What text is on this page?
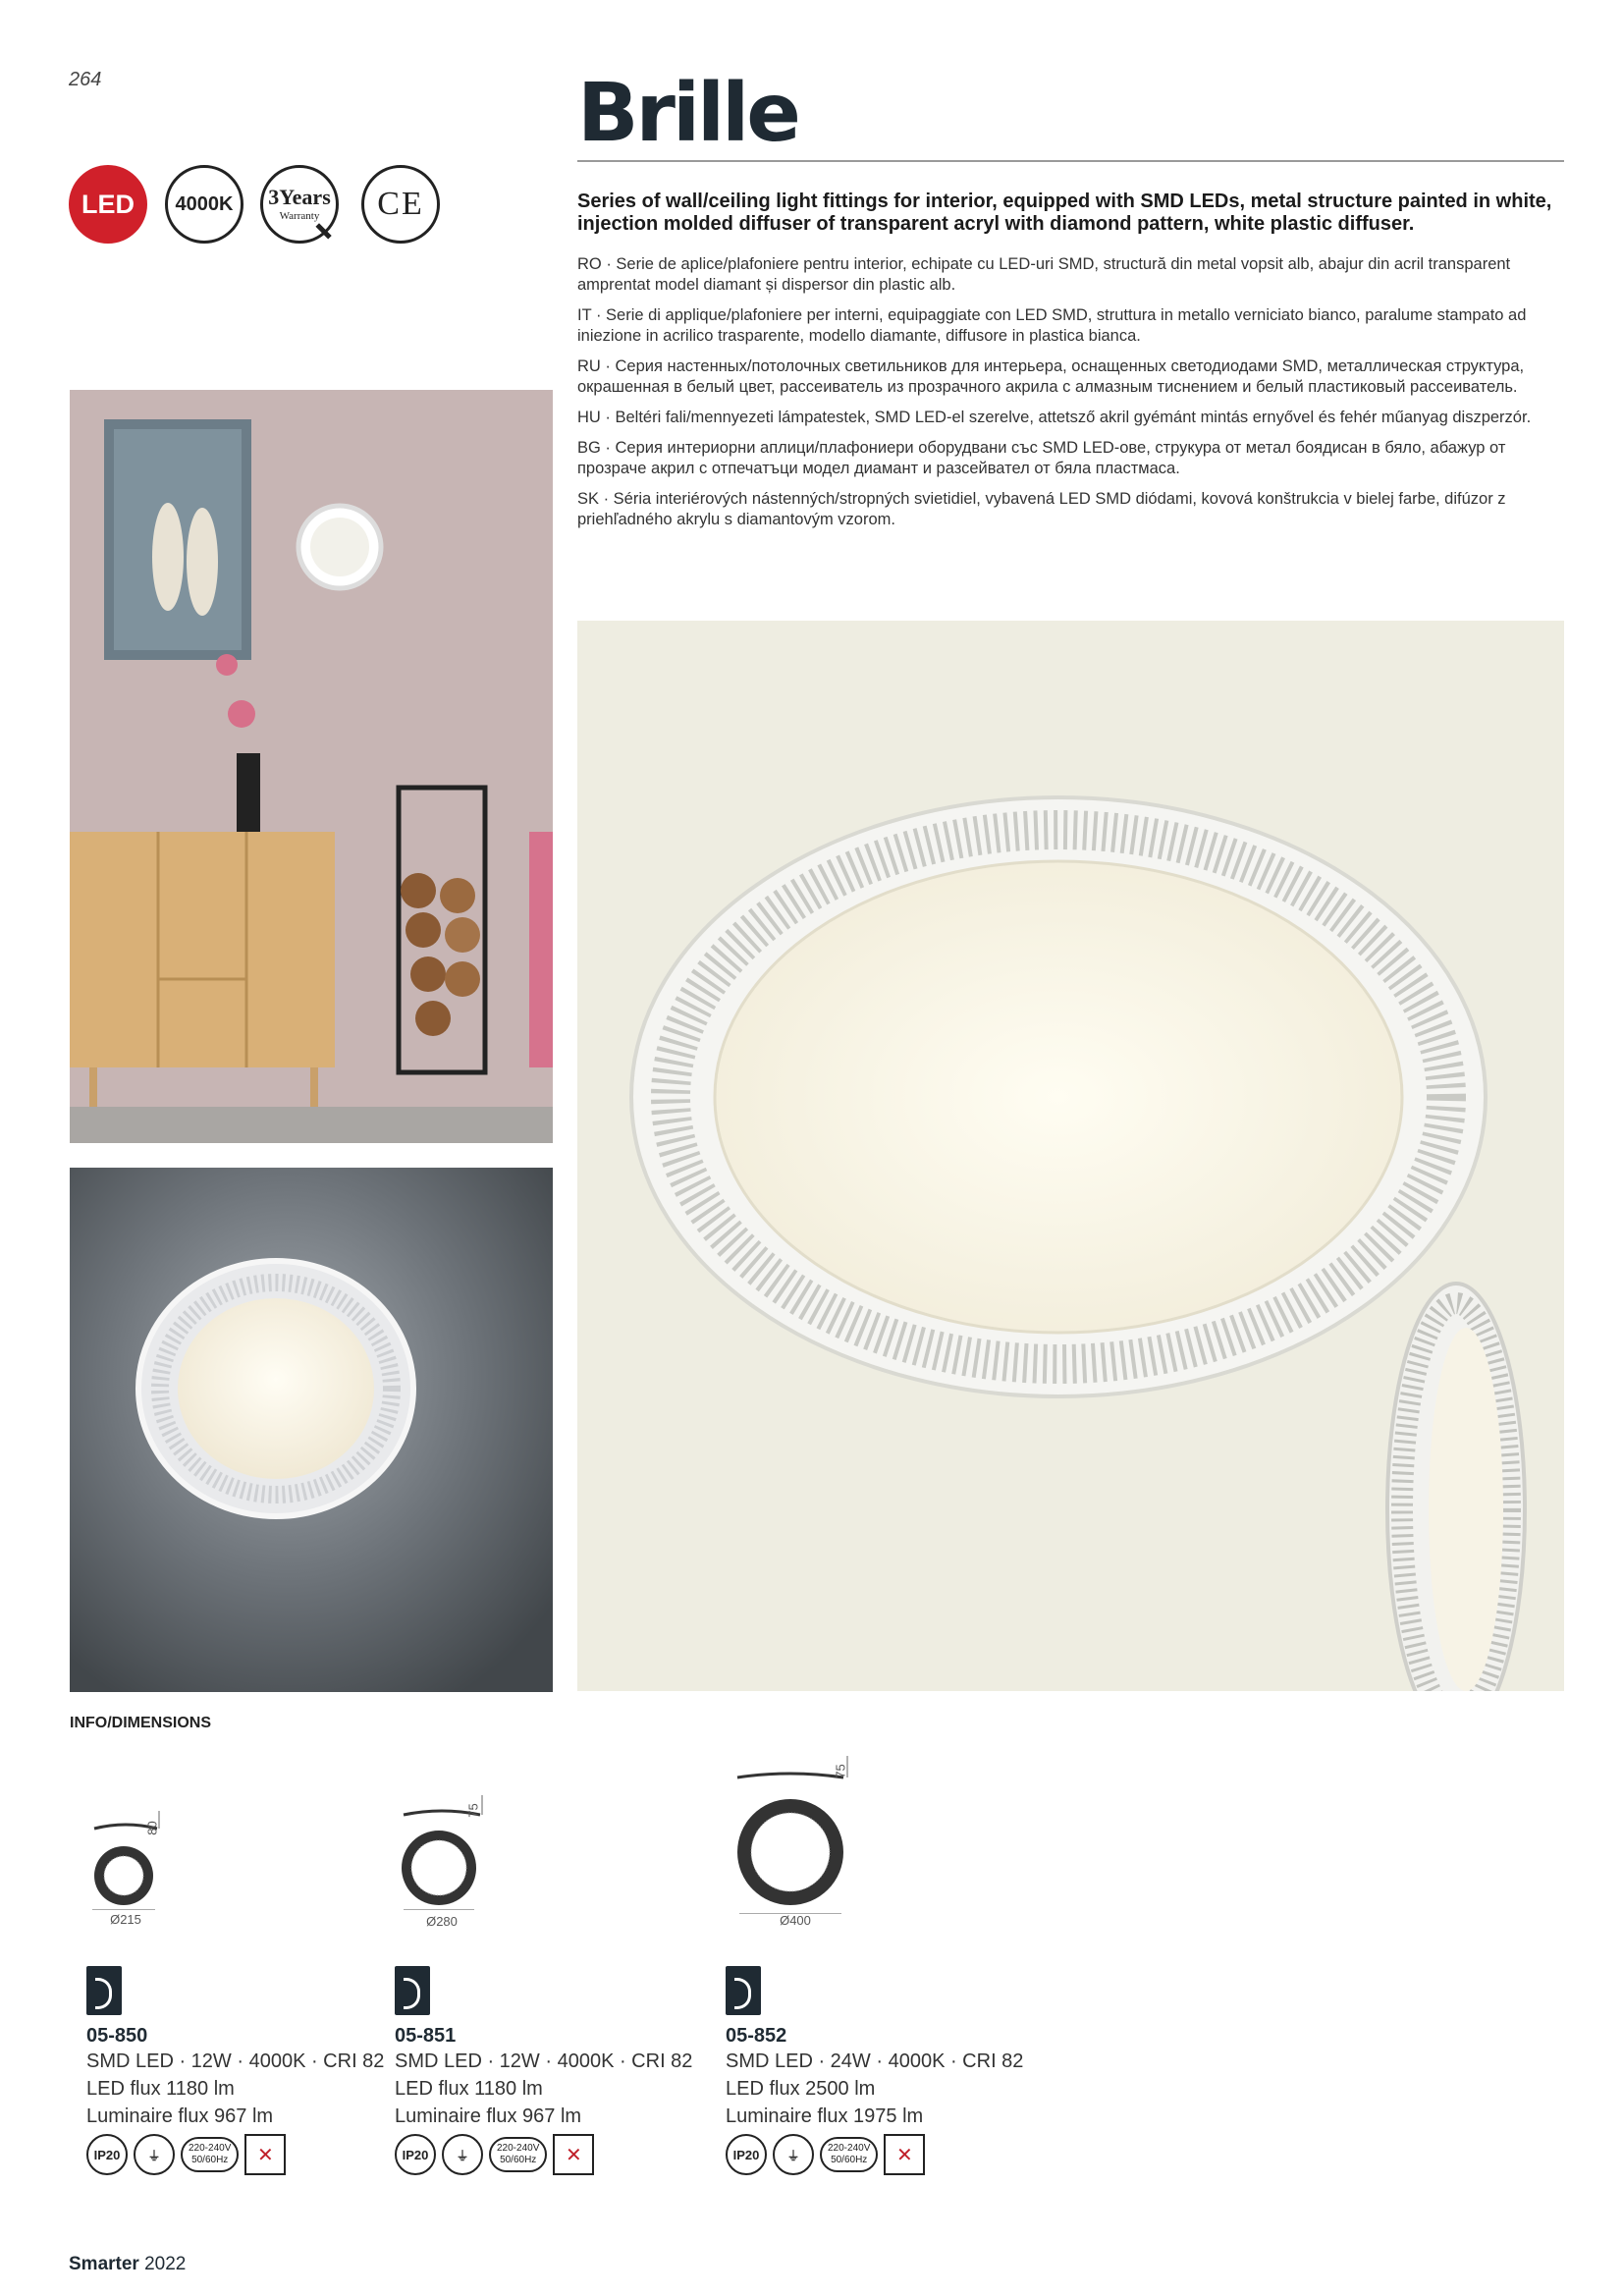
264	Brille
LED	4000K	3Years
Warranty	CE	Series of wall/ceiling light fittings for interior, equipped with SMD LEDs, metal structure painted in white, injection molded diffuser of transparent acryl with diamond pattern, white plastic diffuser.

RO · Serie de aplice/plafoniere pentru interior, echipate cu LED-uri SMD, structură din metal vopsit alb, abajur din acril transparent amprentat model diamant și dispersor din plastic alb.

IT · Serie di applique/plafoniere per interni, equipaggiate con LED SMD, struttura in metallo verniciato bianco, paralume stampato ad iniezione in acrilico trasparente, modello diamante, diffusore in plastica bianca.

RU · Серия настенных/потолочных светильников для интерьера, оснащенных светодиодами SMD, металлическая структура, окрашенная в белый цвет, рассеиватель из прозрачного акрила с алмазным тиснением и белый пластиковый рассеиватель.

HU · Beltéri fali/mennyezeti lámpatestek, SMD LED-el szerelve, attetsző akril gyémánt mintás ernyővel és fehér műanyag diszperzór.

BG · Серия интериорни аплици/плафониери оборудвани със SMD LED-ове, струкура от метал боядисан в бяло, абажур от прозраче акрил с отпечатъци модел диамант и разсейвател от бяла пластмаса.

SK · Séria interiérových nástenných/stropných svietidiel, vybavená LED SMD diódami, kovová konštrukcia v bielej farbe, difúzor z priehľadného akrylu s diamantovým vzorom.

INFO/DIMENSIONS
80
Ø215
05-850
SMD LED · 12W · 4000K · CRI 82
LED flux 1180 lm
Luminaire flux 967 lm
IP20	⏚	220-240V
50/60Hz	✕
75
Ø280
05-851
SMD LED · 12W · 4000K · CRI 82
LED flux 1180 lm
Luminaire flux 967 lm
IP20	⏚	220-240V
50/60Hz	✕
75
Ø400
05-852
SMD LED · 24W · 4000K · CRI 82
LED flux 2500 lm
Luminaire flux 1975 lm
IP20	⏚	220-240V
50/60Hz	✕
Smarter 2022
